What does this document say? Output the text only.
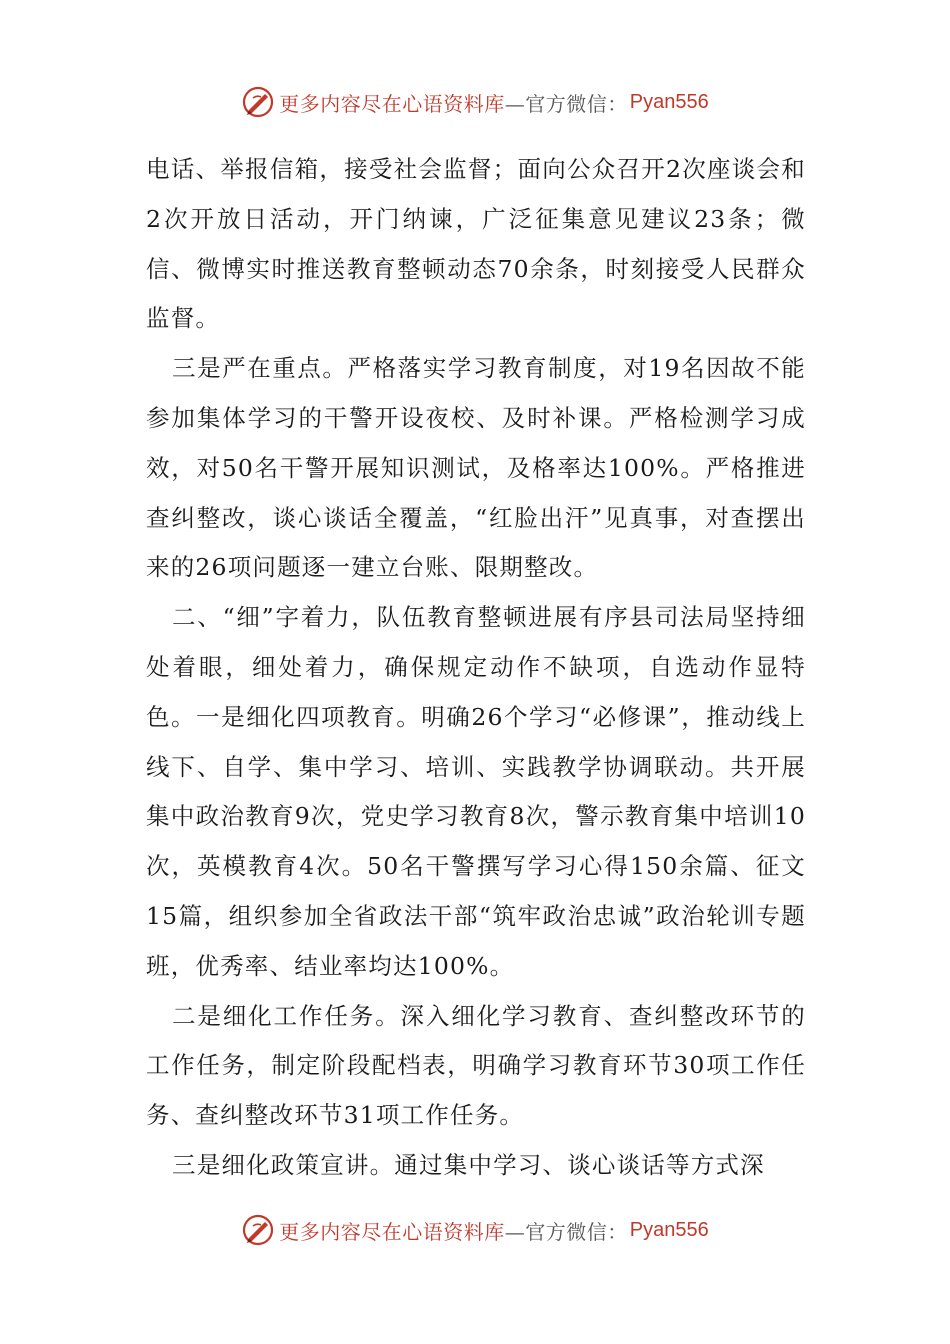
更多内容尽在心语资料库 —官方微信： Pyan556

电话、举报信箱，接受社会监督；面向公众召开2次座谈会和2次开放日活动，开门纳谏，广泛征集意见建议23条；微信、微博实时推送教育整顿动态70余条，时刻接受人民群众监督。

三是严在重点。严格落实学习教育制度，对19名因故不能参加集体学习的干警开设夜校、及时补课。严格检测学习成效，对50名干警开展知识测试，及格率达100%。严格推进查纠整改，谈心谈话全覆盖，“红脸出汗”见真事，对查摆出来的26项问题逐一建立台账、限期整改。

二、“细”字着力，队伍教育整顿进展有序县司法局坚持细处着眼，细处着力，确保规定动作不缺项，自选动作显特色。一是细化四项教育。明确26个学习“必修课”，推动线上线下、自学、集中学习、培训、实践教学协调联动。共开展集中政治教育9次，党史学习教育8次，警示教育集中培训10次，英模教育4次。50名干警撰写学习心得150余篇、征文15篇，组织参加全省政法干部“筑牢政治忠诚”政治轮训专题班，优秀率、结业率均达100%。

二是细化工作任务。深入细化学习教育、查纠整改环节的工作任务，制定阶段配档表，明确学习教育环节30项工作任务、查纠整改环节31项工作任务。

三是细化政策宣讲。通过集中学习、谈心谈话等方式深

更多内容尽在心语资料库 —官方微信： Pyan556
